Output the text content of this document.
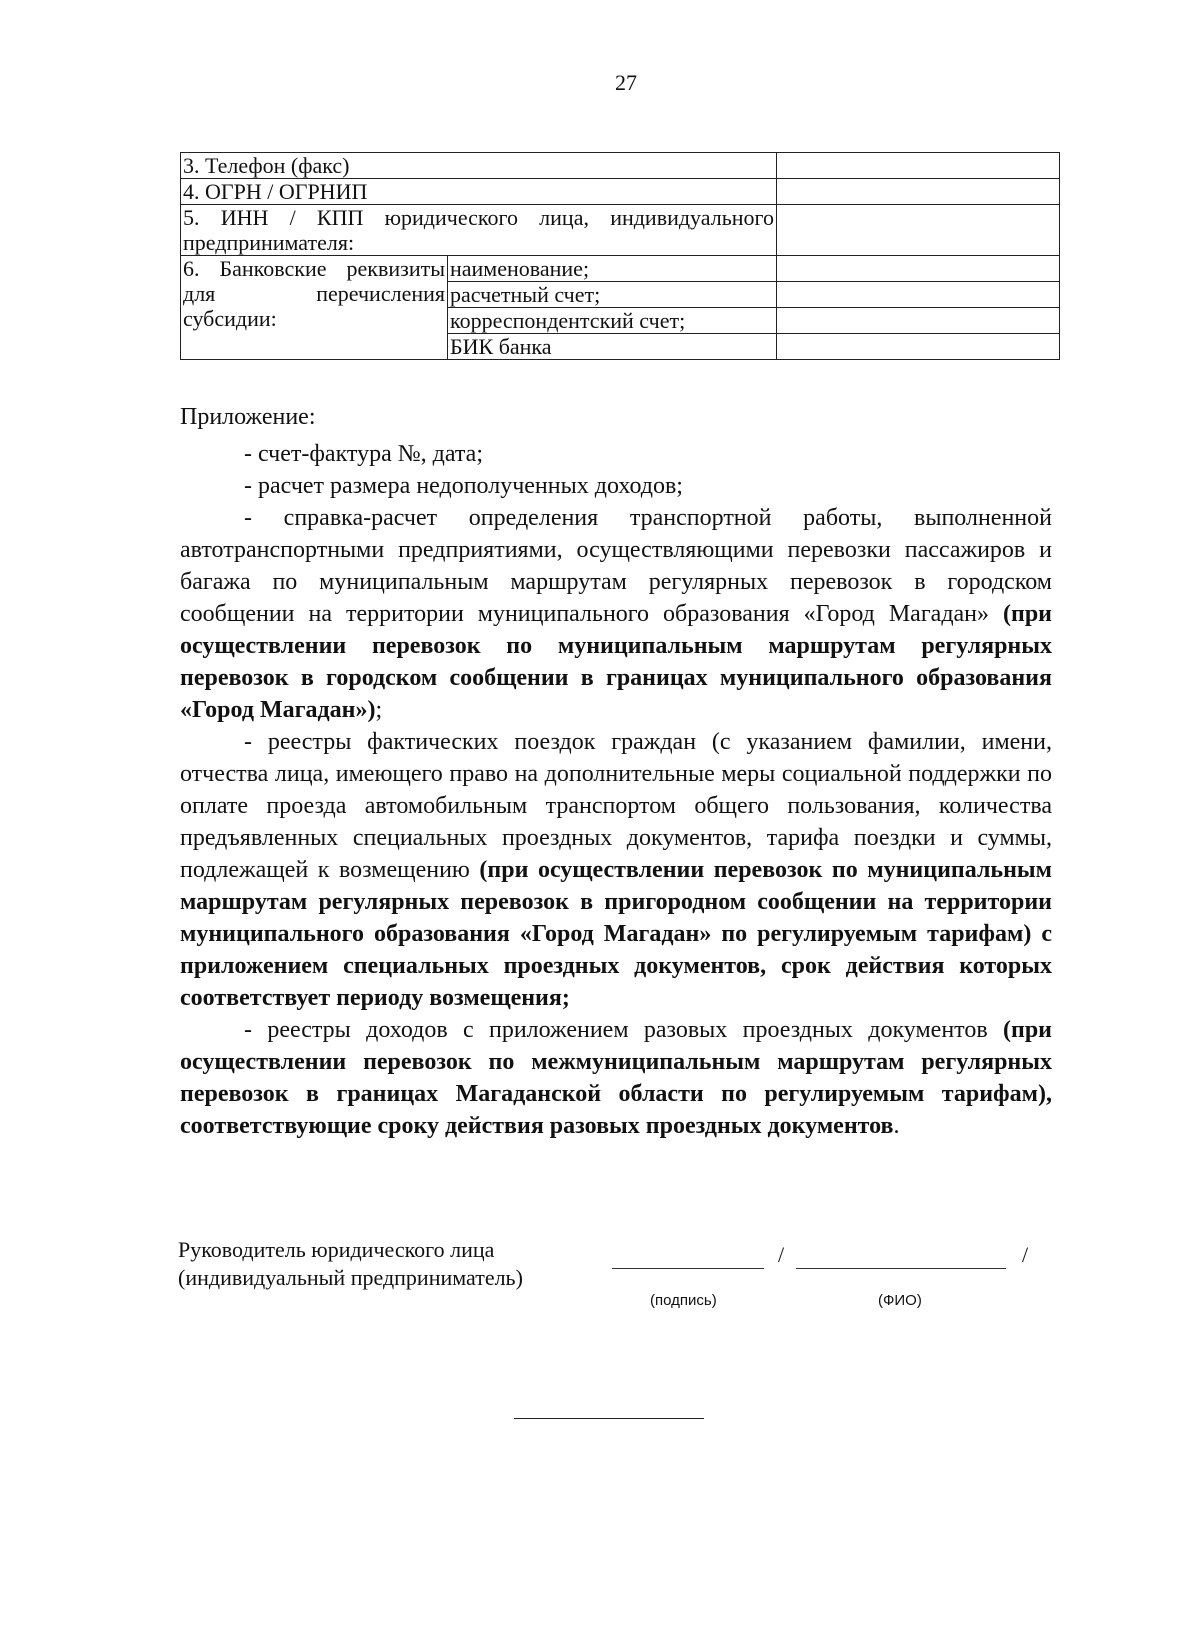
27
3. Телефон (факс)		
4. ОГРН / ОГРНИП		
5. ИНН / КПП юридического лица, индивидуального предпринимателя:		
6. Банковские реквизиты для перечисления субсидии:	наименование;	
	расчетный счет;	
	корреспондентский счет;	
	БИК банка	
Приложение:

- счет-фактура №, дата;

- расчет размера недополученных доходов;

- справка-расчет определения транспортной работы, выполненной автотранспортными предприятиями, осуществляющими перевозки пассажиров и багажа по муниципальным маршрутам регулярных перевозок в городском сообщении на территории муниципального образования «Город Магадан» (при осуществлении перевозок по муниципальным маршрутам регулярных перевозок в городском сообщении в границах муниципального образования «Город Магадан»);

- реестры фактических поездок граждан (с указанием фамилии, имени, отчества лица, имеющего право на дополнительные меры социальной поддержки по оплате проезда автомобильным транспортом общего пользования, количества предъявленных специальных проездных документов, тарифа поездки и суммы, подлежащей к возмещению (при осуществлении перевозок по муниципальным маршрутам регулярных перевозок в пригородном сообщении на территории муниципального образования «Город Магадан» по регулируемым тарифам) с приложением специальных проездных документов, срок действия которых соответствует периоду возмещения;

- реестры доходов с приложением разовых проездных документов (при осуществлении перевозок по межмуниципальным маршрутам регулярных перевозок в границах Магаданской области по регулируемым тарифам), соответствующие сроку действия разовых проездных документов.

Руководитель юридического лица
(индивидуальный предприниматель)
/	/
(подпись)	(ФИО)
